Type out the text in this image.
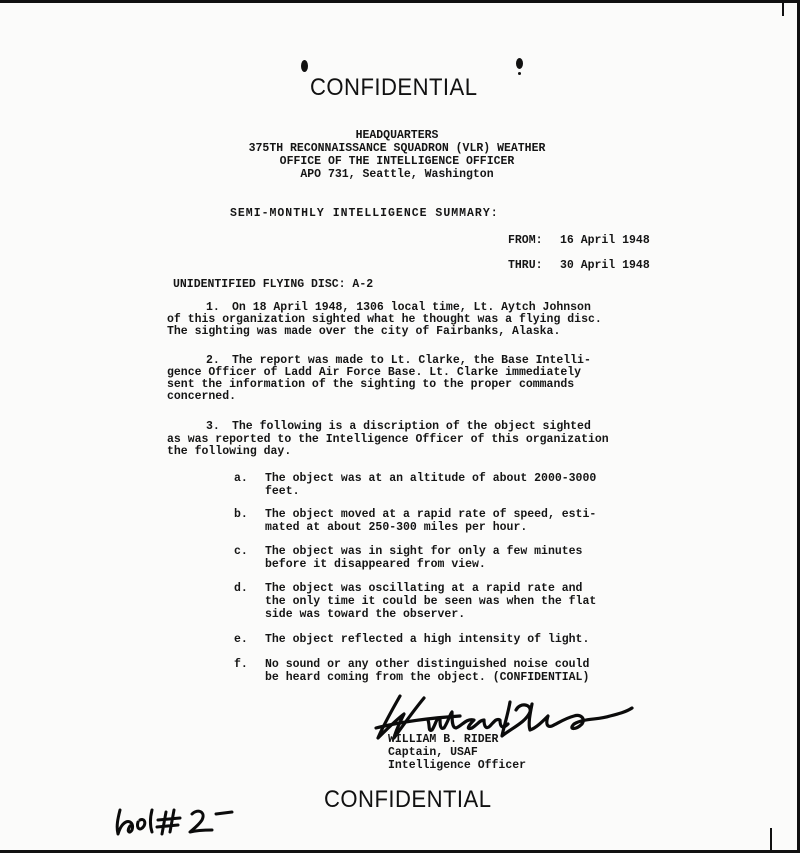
CONFIDENTIAL
HEADQUARTERS
375TH RECONNAISSANCE SQUADRON (VLR) WEATHER
OFFICE OF THE INTELLIGENCE OFFICER
APO 731, Seattle, Washington
SEMI-MONTHLY INTELLIGENCE SUMMARY:
FROM: 16 April 1948
THRU: 30 April 1948
UNIDENTIFIED FLYING DISC: A-2
1. On 18 April 1948, 1306 local time, Lt. Aytch Johnson
of this organization sighted what he thought was a flying disc.
The sighting was made over the city of Fairbanks, Alaska.
2. The report was made to Lt. Clarke, the Base Intelli-
gence Officer of Ladd Air Force Base. Lt. Clarke immediately
sent the information of the sighting to the proper commands
concerned.
3. The following is a discription of the object sighted
as was reported to the Intelligence Officer of this organization
the following day.
a. The object was at an altitude of about 2000-3000
feet.
b. The object moved at a rapid rate of speed, esti-
mated at about 250-300 miles per hour.
c. The object was in sight for only a few minutes
before it disappeared from view.
d. The object was oscillating at a rapid rate and
the only time it could be seen was when the flat
side was toward the observer.
e. The object reflected a high intensity of light.
f. No sound or any other distinguished noise could
be heard coming from the object. (CONFIDENTIAL)
WILLIAM B. RIDER
Captain, USAF
Intelligence Officer
CONFIDENTIAL
